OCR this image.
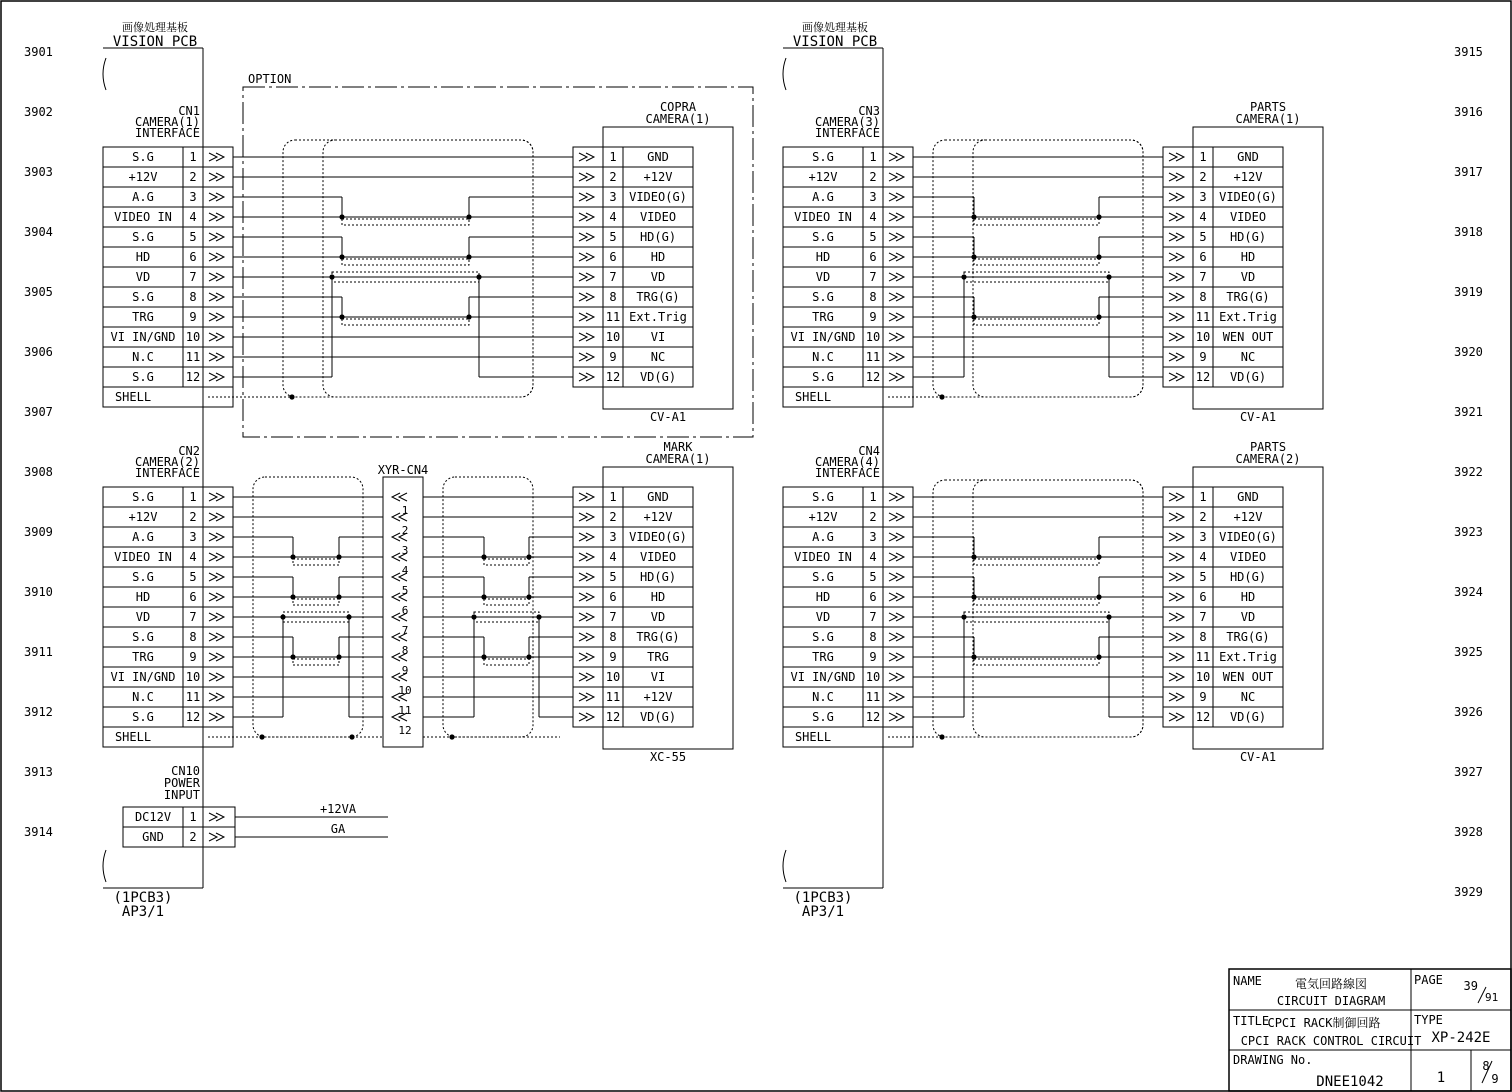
3901
3902
3903
3904
3905
3906
3907
3908
3909
3910
3911
3912
3913
3914
3915
3916
3917
3918
3919
3920
3921
3922
3923
3924
3925
3926
3927
3928
3929
画像処理基板
VISION PCB
(1PCB3)
AP3/1
画像処理基板
VISION PCB
(1PCB3)
AP3/1
OPTION
CN1
CAMERA(1)
INTERFACE
S.G	1
+12V	2
A.G	3
VIDEO IN 4
S.G	5
HD	6
VD	7
S.G	8
TRG	9
VI IN/GND 10
N.C	11
S.G	12
SHELL
CN2
CAMERA(2)
INTERFACE
S.G	1
+12V	2
A.G	3
VIDEO IN 4
S.G	5
HD	6
VD	7
S.G	8
TRG	9
VI IN/GND 10
N.C	11
S.G	12
SHELL
CN3
CAMERA(3)
INTERFACE
S.G	1
+12V	2
A.G	3
VIDEO IN 4
S.G	5
HD	6
VD	7
S.G	8
TRG	9
VI IN/GND 10
N.C	11
S.G	12
SHELL
CN4
CAMERA(4)
INTERFACE
S.G	1
+12V	2
A.G	3
VIDEO IN 4
S.G	5
HD	6
VD	7
S.G	8
TRG	9
VI IN/GND 10
N.C	11
S.G	12
SHELL
COPRA
CAMERA(1)
1	GND
2 +12V
3 VIDEO(G)
4 VIDEO
5 HD(G)
6	HD
7	VD
8 TRG(G)
11 Ext.Trig
10	VI
9	NC
12 VD(G)
CV-A1
MARK
CAMERA(1)
1	GND
2 +12V
3 VIDEO(G)
4 VIDEO
5 HD(G)
6	HD
7	VD
8 TRG(G)
9	TRG
10	VI
11 +12V
12 VD(G)
XC-55
PARTS
CAMERA(1)
1	GND
2 +12V
3 VIDEO(G)
4 VIDEO
5 HD(G)
6	HD
7	VD
8 TRG(G)
11 Ext.Trig
10 WEN OUT
9	NC
12 VD(G)
CV-A1
PARTS
CAMERA(2)
1	GND
2 +12V
3 VIDEO(G)
4 VIDEO
5 HD(G)
6	HD
7	VD
8 TRG(G)
11 Ext.Trig
10 WEN OUT
9	NC
12 VD(G)
CV-A1
XYR-CN4
1
2
3
4
5
6
7
8
9
10
11
12
CN10
POWER
INPUT
DC12V 1
+12VA
GND 2
GA
NAME	電気回路線図
CIRCUIT DIAGRAM
PAGE 39
91
TITLE
CPCI RACK制御回路
CPCI RACK CONTROL CIRCUIT
TYPE
XP-242E
DRAWING No.
DNEE1042	1
8
9
